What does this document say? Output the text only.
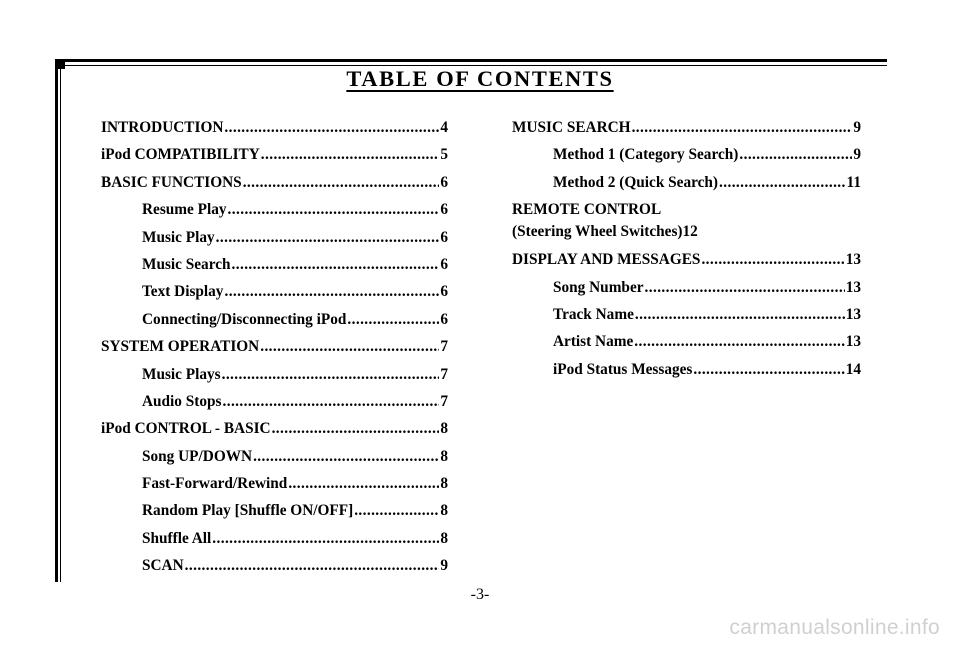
TABLE OF CONTENTS
INTRODUCTION .....	4
iPod COMPATIBILITY .....	5
BASIC FUNCTIONS .....	6
Resume Play .....	6
Music Play .....	6
Music Search .....	6
Text Display .....	6
Connecting/Disconnecting iPod .....	6
SYSTEM OPERATION .....	7
Music Plays .....	7
Audio Stops .....	7
iPod CONTROL - BASIC .....	8
Song UP/DOWN .....	8
Fast-Forward/Rewind .....	8
Random Play [Shuffle ON/OFF] .....	8
Shuffle All .....	8
SCAN .....	9
MUSIC SEARCH .....	9
Method 1 (Category Search) .....	9
Method 2 (Quick Search) .....	11
REMOTE CONTROL
(Steering Wheel Switches) 12
DISPLAY AND MESSAGES .....	13
Song Number .....	13
Track Name .....	13
Artist Name .....	13
iPod Status Messages .....	14
-3-
carmanualsonline.info
